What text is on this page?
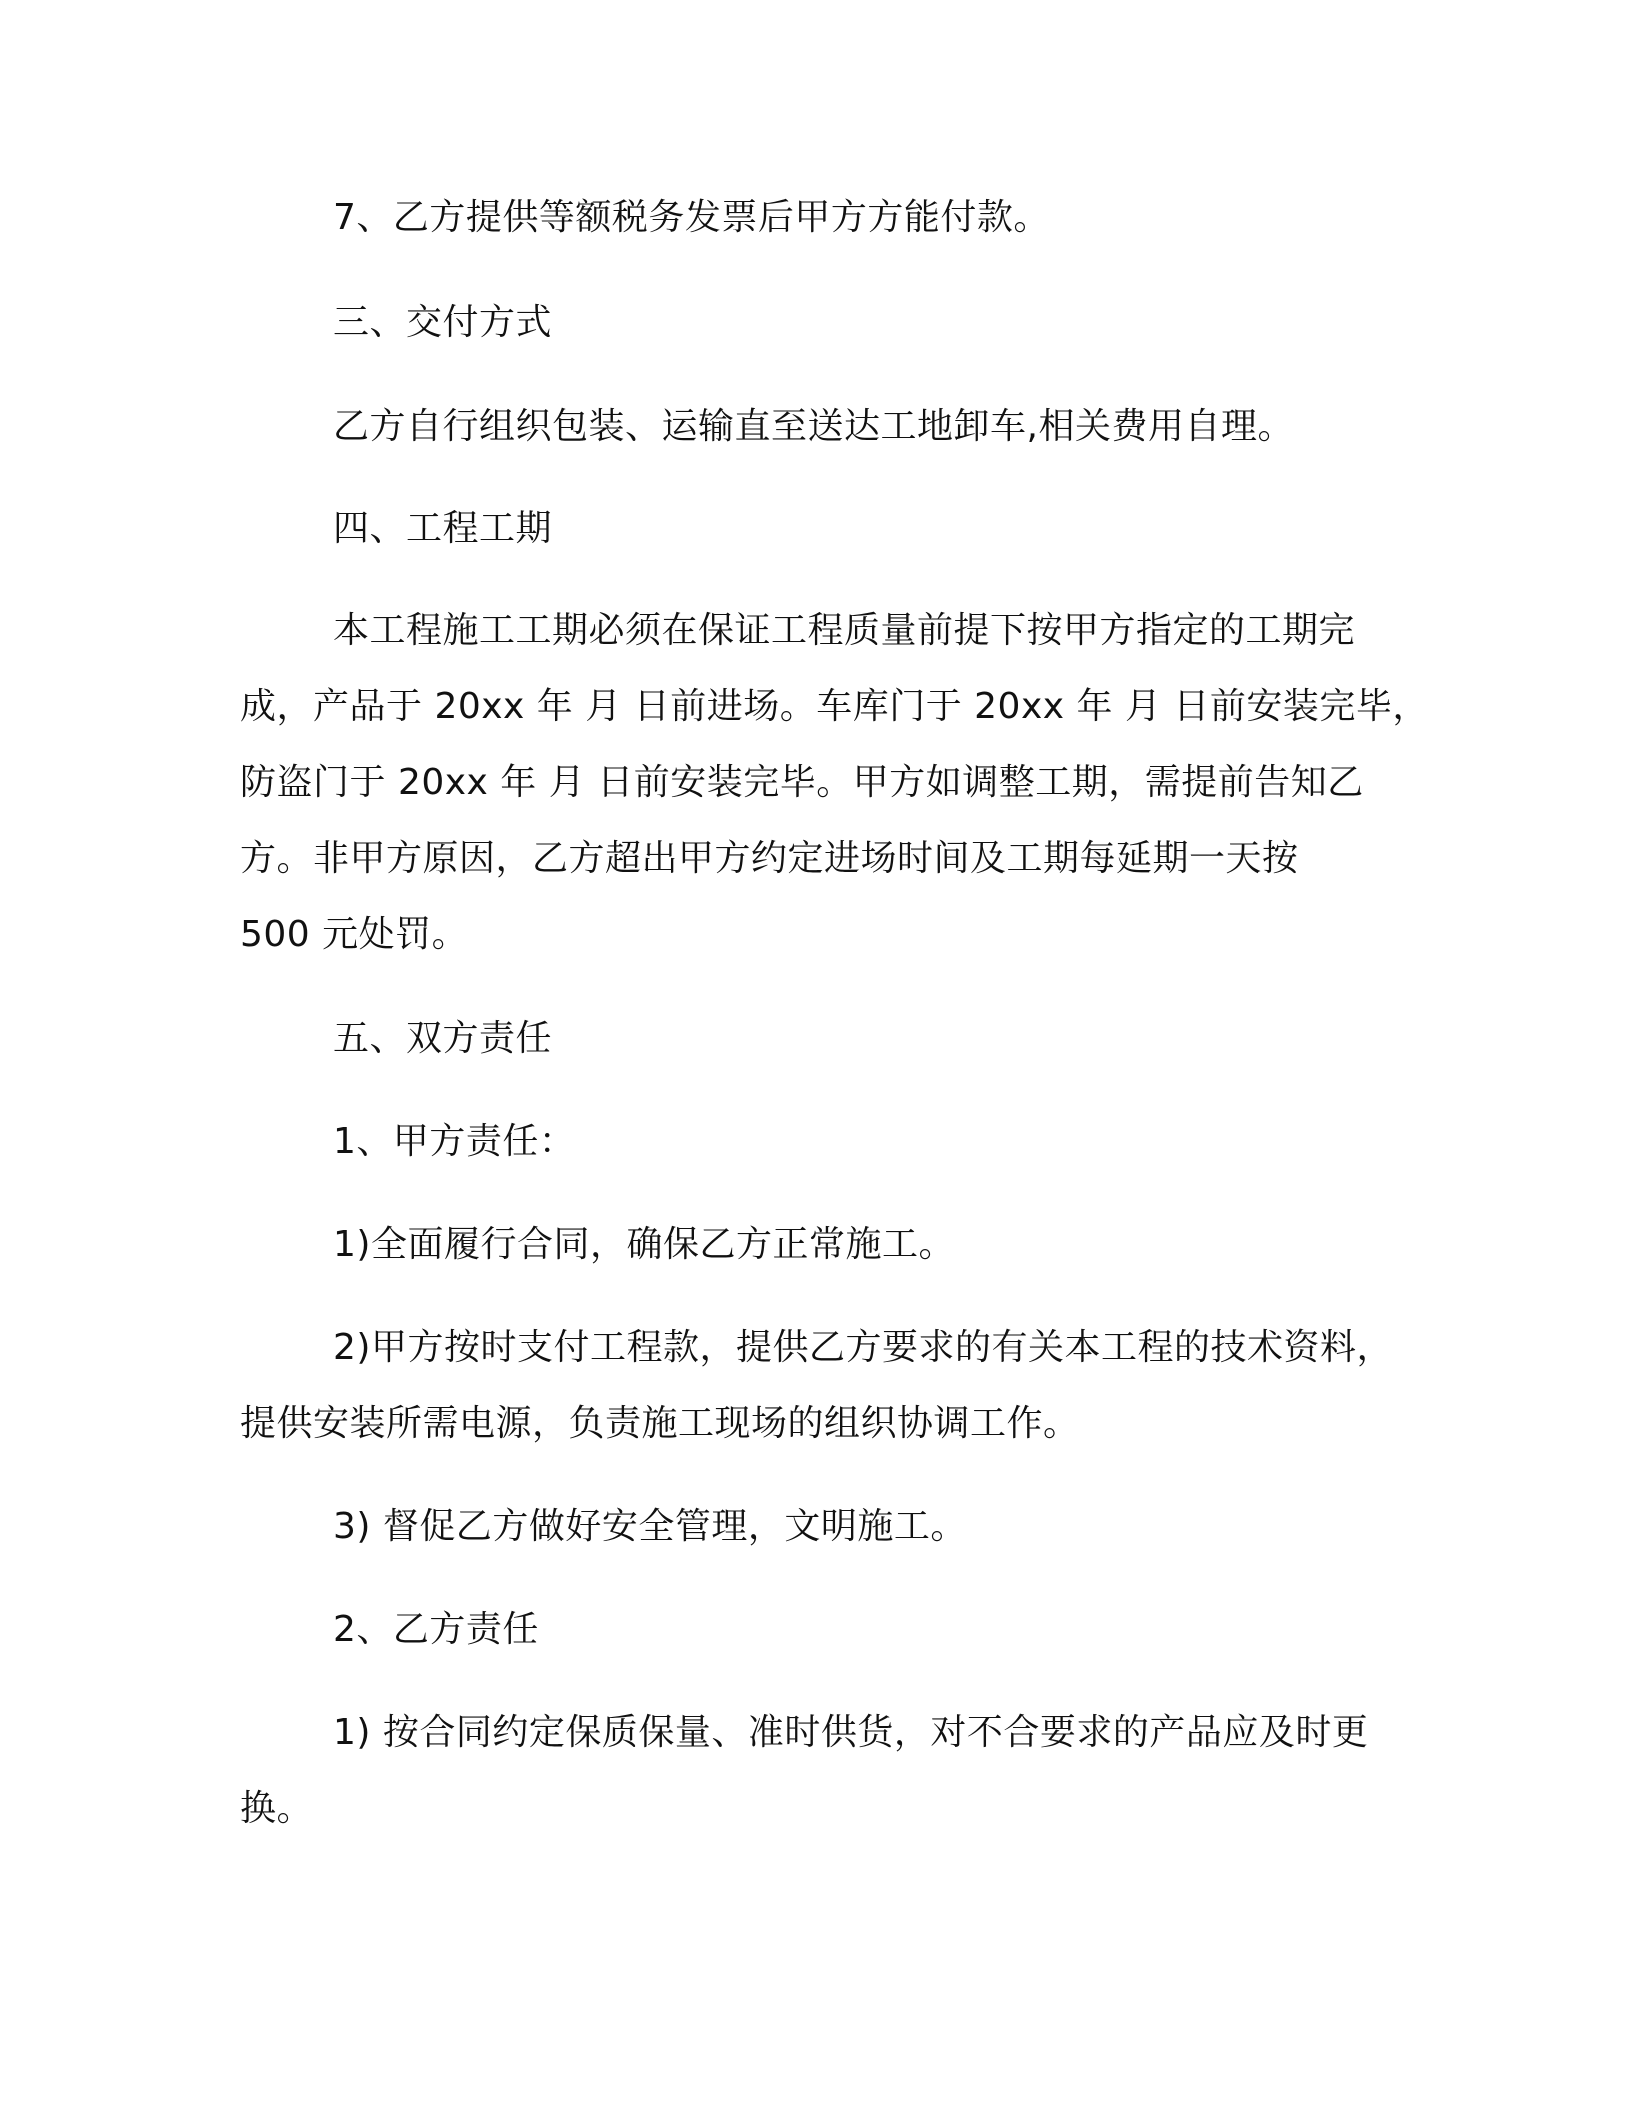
7、乙方提供等额税务发票后甲方方能付款。

三、交付方式

乙方自行组织包装、运输直至送达工地卸车,相关费用自理。

四、工程工期

本工程施工工期必须在保证工程质量前提下按甲方指定的工期完

成，产品于 20xx 年 月 日前进场。车库门于 20xx 年 月 日前安装完毕，

防盗门于 20xx 年 月 日前安装完毕。甲方如调整工期，需提前告知乙

方。非甲方原因，乙方超出甲方约定进场时间及工期每延期一天按

500 元处罚。

五、双方责任

1、甲方责任：

1)全面履行合同，确保乙方正常施工。

2)甲方按时支付工程款，提供乙方要求的有关本工程的技术资料，

提供安装所需电源，负责施工现场的组织协调工作。

3) 督促乙方做好安全管理，文明施工。

2、乙方责任

1) 按合同约定保质保量、准时供货，对不合要求的产品应及时更

换。
